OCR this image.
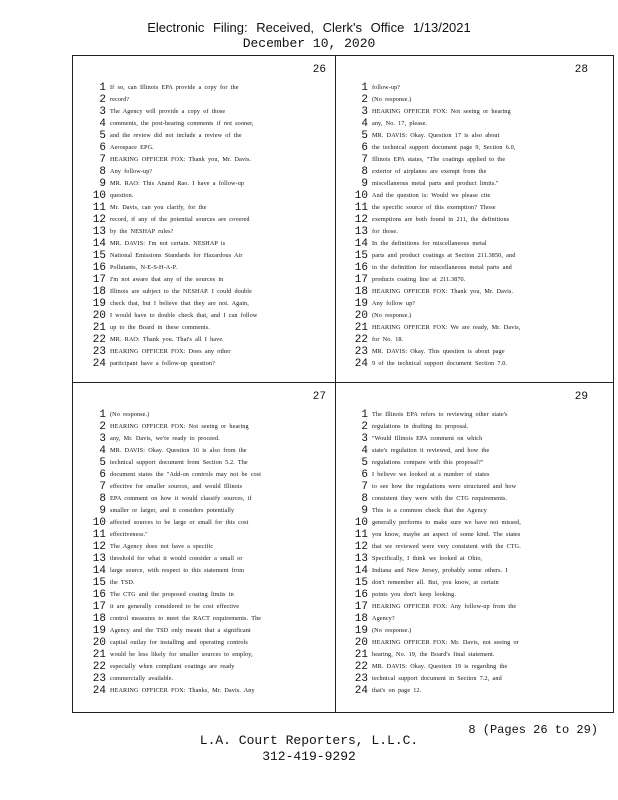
Electronic Filing: Received, Clerk's Office 1/13/2021
December 10, 2020
26
1 If so, can Illinois EPA provide a copy for the
2 record?
3 The Agency will provide a copy of those
4 comments, the post-hearing comments if not sooner,
5 and the review did not include a review of the
6 Aerospace EPG.
7 HEARING OFFICER FOX: Thank you, Mr. Davis.
8 Any follow-up?
9 MR. RAO: This Anand Rao. I have a follow-up
10 question.
11 Mr. Davis, can you clarify, for the
12 record, if any of the potential sources are covered
13 by the NESHAP rules?
14 MR. DAVIS: I'm not certain. NESHAP is
15 National Emissions Standards for Hazardous Air
16 Pollutants, N-E-S-H-A-P.
17 I'm not aware that any of the sources in
18 Illinois are subject to the NESHAP. I could double
19 check that, but I believe that they are not. Again,
20 I would have to double check that, and I can follow
21 up to the Board in these comments.
22 MR. RAO: Thank you. That's all I have.
23 HEARING OFFICER FOX: Does any other
24 participant have a follow-up question?
28
1 follow-up?
2 (No response.)
3 HEARING OFFICER FOX: Not seeing or hearing
4 any, No. 17, please.
5 MR. DAVIS: Okay. Question 17 is also about
6 the technical support document page 9, Section 6.0,
7 Illinois EPA states, "The coatings applied to the
8 exterior of airplanes are exempt from the
9 miscellaneous metal parts and product limits."
10 And the question is: Would we please cite
11 the specific source of this exemption? Those
12 exemptions are both found in 211, the definitions
13 for those.
14 In the definitions for miscellaneous metal
15 parts and product coatings at Section 211.3850, and
16 in the definition for miscellaneous metal parts and
17 products coating line at 211.3870.
18 HEARING OFFICER FOX: Thank you, Mr. Davis.
19 Any follow up?
20 (No response.)
21 HEARING OFFICER FOX: We are ready, Mr. Davis,
22 for No. 18.
23 MR. DAVIS: Okay. This question is about page
24 9 of the technical support document Section 7.0.
27
1 (No response.)
2 HEARING OFFICER FOX: Not seeing or hearing
3 any, Mr. Davis, we're ready to proceed.
4 MR. DAVIS: Okay. Question 16 is also from the
5 technical support document from Section 5.2. The
6 document states the "Add-on controls may not be cost
7 effective for smaller sources, and would Illinois
8 EPA comment on how it would classify sources, if
9 smaller or larger, and it considers potentially
10 affected sources to be large or small for this cost
11 effectiveness."
12 The Agency does not have a specific
13 threshold for what it would consider a small or
14 large source, with respect to this statement from
15 the TSD.
16 The CTG and the proposed coating limits in
17 it are generally considered to be cost effective
18 control measures to meet the RACT requirements. The
19 Agency and the TSD only meant that a significant
20 capital outlay for installing and operating controls
21 would be less likely for smaller sources to employ,
22 especially when compliant coatings are ready
23 commercially available.
24 HEARING OFFICER FOX: Thanks, Mr. Davis. Any
29
1 The Illinois EPA refers to reviewing other state's
2 regulations in drafting its proposal.
3 "Would Illinois EPA comment on which
4 state's regulation it reviewed, and how the
5 regulations compare with this proposal?"
6 I believe we looked at a number of states
7 to see how the regulations were structured and how
8 consistent they were with the CTG requirements.
9 This is a common check that the Agency
10 generally performs to make sure we have not missed,
11 you know, maybe an aspect of some kind. The states
12 that we reviewed were very consistent with the CTG.
13 Specifically, I think we looked at Ohio,
14 Indiana and New Jersey, probably some others. I
15 don't remember all. But, you know, at certain
16 points you don't keep looking.
17 HEARING OFFICER FOX: Any follow-up from the
18 Agency?
19 (No response.)
20 HEARING OFFICER FOX: Mr. Davis, not seeing or
21 hearing, No. 19, the Board's final statement.
22 MR. DAVIS: Okay. Question 19 is regarding the
23 technical support document in Section 7.2, and
24 that's on page 12.
8 (Pages 26 to 29)
L.A. Court Reporters, L.L.C.
312-419-9292
